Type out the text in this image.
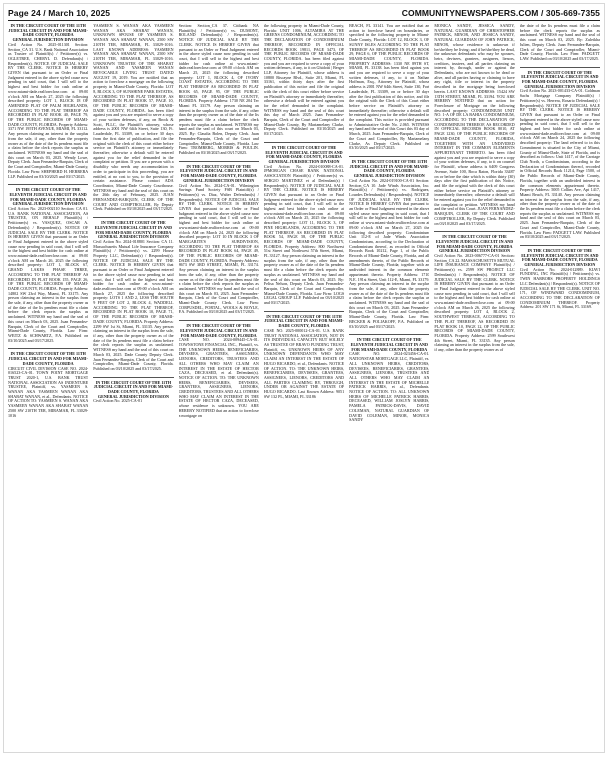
Page 24 / March 10, 2025	COMMUNITYNEWSPAPERS.COM / 305-669-7355
IN THE CIRCUIT COURT OF THE 11TH JUDICIAL CIRCUIT IN AND FOR MIAMI-DADE COUNTY, FLORIDA
GENERAL JURISDICTION DIVISION

Civil Action No. 2025-011301 Section: Section_CA 31. U.S. Bank National Association as Trustee of Plaintiff(s) / Petitioner(s) vs. OGLETREE, CHERYL D. Defendant(s) / Respondent(s). NOTICE OF JUDICIAL SALE BY THE CLERK. NOTICE IS HEREBY GIVEN that pursuant to an Order or Final Judgment entered in the above styled cause now pending in said court, that I will sell to the highest and best bidder for cash online at www.miami-dade.realforeclose.com at 09:00 o'clock AM on March 27, 2025 the following described property: LOT 1, BLOCK 18 OF AMENDED PLAT OF PALM HIGHLANDS, ACCORDING TO THE PLAT THEREOF AS RECORDED IN PLAT BOOK 40, PAGE 79, OF THE PUBLIC RECORDS OF MIAMI-DADE COUNTY, FLORIDA. Property Address: 3371 NW 195TH AVENUE, MIAMI, FL 33112. Any person claiming an interest in the surplus from the sale, if any, other than the property owner as of the date of the lis pendens must file a claim before the clerk reports the surplus as unclaimed. WITNESS my hand and the seal of this court on March 03, 2025. Wendy Lowe, Deputy Clerk. Juan Fernandez-Barquin, Clerk of the Court and Comptroller, Miami-Dade County, Florida. Law Firm: SHEPHERD H. HERRERA LLP. Published on 03/10/2025 and 03/17/2025.

IN THE CIRCUIT COURT OF THE ELEVENTH JUDICIAL CIRCUIT IN AND FOR MIAMI-DADE COUNTY, FLORIDA
GENERAL JURISDICTION DIVISION

Civil Action No. 2023-002110 Section: CA 01. U.S. BANK NATIONAL ASSOCIATION, AS TRUSTEE, ON BEHALF Plaintiff(s) / Petitioner(s) vs. VASQUEZ, OSCAR A. Defendant(s) / Respondent(s). NOTICE OF JUDICIAL SALE BY THE CLERK. NOTICE IS HEREBY GIVEN that pursuant to an Order or Final Judgment entered in the above styled cause now pending in said court, that I will sell to the highest and best bidder for cash online at www.miami-dade.realforeclose.com at 09:00 o'clock AM on March 26, 2025 the following described property: LOT 1, BLOCK 67, GRAND LAKES PHASE THREE, ACCORDING TO THE PLAT THEREOF AS RECORDED IN PLAT BOOK 155, PAGE 26, OF THE PUBLIC RECORDS OF MIAMI-DADE COUNTY, FLORIDA. Property Address: 14802 SW 23rd Way, Miami, FL 33175. Any person claiming an interest in the surplus from the sale, if any, other than the property owner as of the date of the lis pendens must file a claim before the clerk reports the surplus as unclaimed. WITNESS my hand and the seal of this court on March 03, 2025. Juan Fernandez-Barquin, Clerk of the Court and Comptroller, Miami-Dade County, Florida. Law Firm: WEITZ & SCHWARTZ, P.A. Published on 03/10/2025 and 03/17/2025.

IN THE CIRCUIT COURT OF THE 11TH JUDICIAL CIRCUIT IN AND FOR MIAMI-DADE COUNTY, FLORIDA

CIRCUIT CIVIL DIVISION CASE NO. 2024-016523-CA-01. TOWN POINT MORTGAGE TRUST 2020-1, U.S. BANK TRUST NATIONAL ASSOCIATION AS INDENTURE TRUSTEE, Plaintiff, vs. YASMEEN S. WANAN AKA YASMEEN WANAN AKA SHABAT WANAN, et al., Defendants. NOTICE OF ACTION TO: YASMEEN S. WANAN AKA YASMEEN WANAN AKA SHABAT WANAN 2500 SW 210TH TER, MIRAMAR, FL 33029-1016

YASMEEN S. WANAN AKA YASMEEN WANAN AKA SHABAT WANAN, UNKNOWN SPOUSE OF YASMEEN S. WANAN AKA SHABAT WANAN, 2500 SW 210TH TER, MIRAMAR, FL 33029-1016. LAST KNOWN ADDRESS: YASMEEN WANAN AKA SHABAT WANAN, 2500 SW 210TH TER, MIRAMAR, FL 33029-1016. UNKNOWN TRUSTEE OF THE SHABAT WANAN AND YASMEEN WANAN REVOCABLE LIVING TRUST DATED AUGUST 19, 2019. You are notified that an action to foreclose a mortgage on the following property in Miami-Dade County, Florida: LOT 8, BLOCK 3, OF SUNSHINE PARK ESTATES, ACCORDING TO THE PLAT THEREOF, AS RECORDED IN PLAT BOOK 57, PAGE 10, OF THE PUBLIC RECORDS OF MIAMI-DADE COUNTY, FLORIDA. has been filed against you and you are required to serve a copy of your written defenses, if any, on Brock & Scott, PLLC, the Plaintiff's attorney, whose address is 2001 NW 64th Street, Suite 130, Ft. Lauderdale, FL 33309, on or before 30 days from the first date of publication, and file the original with the clerk of this court either before service on Plaintiff's attorney or immediately thereafter; otherwise a default will be entered against you for the relief demanded in the complaint or petition. If you are a person with a disability who needs any accommodation in order to participate in this proceeding, you are entitled, at no cost to you, to the provision of certain assistance. Please contact ADA Coordinator, Miami-Dade County Courthouse. WITNESS my hand and the seal of this court on the 26th day of February, 2025. JUAN FERNANDEZ-BARQUIN, CLERK OF THE COURT AND COMPTROLLER, By Deputy Clerk. Published on 03/10/2025 and 03/17/2025.

IN THE CIRCUIT COURT OF THE ELEVENTH JUDICIAL CIRCUIT IN AND FOR MIAMI-DADE COUNTY, FLORIDA
GENERAL JURISDICTION DIVISION

Civil Action No. 2024-018801 Section: CA 11. Massachusetts Mutual Life Insurance Company Plaintiff(s) / Petitioner(s) vs. 2299 House Property LLC, Defendant(s) / Respondent(s). NOTICE OF JUDICIAL SALE BY THE CLERK. NOTICE IS HEREBY GIVEN that pursuant to an Order or Final Judgment entered in the above styled cause now pending in said court, that I will sell to the highest and best bidder for cash online at www.miami-dade.realforeclose.com at 09:00 o'clock AM on March 27, 2025 the following described property: LOTS 1 AND 2, LESS THE SOUTH 9 FEET OF LOT 2, BLOCK 4, WADDELL ACCORDING TO THE PLAT THEREOF, RECORDED IN PLAT BOOK 10, PAGE 71, OF THE PUBLIC RECORDS OF MIAMI-DADE COUNTY, FLORIDA. Property Address: 2299 SW 1st St, Miami, FL 33135. Any person claiming an interest in the surplus from the sale, if any, other than the property owner as of the date of the lis pendens must file a claim before the clerk reports the surplus as unclaimed. WITNESS my hand and the seal of this court on March 03, 2025. Dade County Deputy Clerk. Juan Fernandez-Barquin, Clerk of the Court and Comptroller, Miami-Dade County, Florida. Published on 03/10/2025 and 03/17/2025.

IN THE CIRCUIT COURT OF THE 11TH JUDICIAL CIRCUIT IN AND FOR MIAMI-DADE COUNTY, FLORIDA
GENERAL JURISDICTION DIVISION

Civil Action No. 2025-CA-01

Section: Section_CA 37. Citibank NA Plaintiff(s) / Petitioner(s) vs. DUMONT, ROLAND Defendant(s) / Respondent(s). NOTICE OF JUDICIAL SALE BY THE CLERK. NOTICE IS HEREBY GIVEN that pursuant to an Order or Final Judgment entered in the above styled cause now pending in said court, that I will sell to the highest and best bidder for cash online at www.miami-dade.realforeclose.com at 09:00 o'clock AM on March 25, 2025 the following described property: LOT 1, BLOCK 4, OF IVORY COAST ESTATES, ACCORDING TO THE PLAT THEREOF AS RECORDED IN PLAT BOOK 65, PAGE 95, OF THE PUBLIC RECORDS OF MIAMI-DADE COUNTY, FLORIDA. Property Address: 1730 NE 204 Ter Miami FL 33179. Any person claiming an interest in the surplus from the sale, if any, other than the property owner as of the date of the lis pendens must file a claim before the clerk reports the surplus as unclaimed. WITNESS my hand and the seal of this court on March 03, 2025. By: Claudia Bolen, Deputy Clerk. Juan Fernandez-Barquin, Clerk of the Court and Comptroller, Miami-Dade County, Florida. Law Firm: TROMBERG, MORRIS & POULIN. Published on 03/10/2025 and 03/17/2025.

IN THE CIRCUIT COURT OF THE ELEVENTH JUDICIAL CIRCUIT IN AND FOR MIAMI-DADE COUNTY, FLORIDA
GENERAL JURISDICTION DIVISION

Civil Action No. 2024-CA-01. Wilmington Savings Fund Society FSB Plaintiff(s) / Petitioner(s) vs. Diaz, Walter Defendant(s) / Respondent(s). NOTICE OF JUDICIAL SALE BY THE CLERK. NOTICE IS HEREBY GIVEN that pursuant to an Order or Final Judgment entered in the above styled cause now pending in said court, that I will sell to the highest and best bidder for cash online at www.miami-dade.realforeclose.com at 09:00 o'clock AM on March 24, 2025 the following described property: LOT 10 IN BLOCK 3 OF MARGARITE'S SUBDIVISION, ACCORDING TO THE PLAT THEREOF AS RECORDED IN PLAT BOOK 64, PAGE 49, OF THE PUBLIC RECORDS OF MIAMI-DADE COUNTY, FLORIDA. Property Address: 8673 SW 3RD STREET, MIAMI, FL 33174. Any person claiming an interest in the surplus from the sale, if any, other than the property owner as of the date of the lis pendens must file a claim before the clerk reports the surplus as unclaimed. WITNESS my hand and the seal of this court on March 03, 2025. Juan Fernandez-Barquin, Clerk of the Court and Comptroller, Miami-Dade County Clerk. Law Firm: CORPUSDEL, PORTAL, WOOLS & BOYLE, P.A. Published on 03/10/2025 and 03/17/2025.

IN THE CIRCUIT COURT OF THE ELEVENTH JUDICIAL CIRCUIT IN AND FOR MIAMI-DADE COUNTY, FLORIDA

CASE NO. 2024-009445-CA-01. TOWNSTONE FINANCIAL INC., Plaintiff, vs. THE UNKNOWN HEIRS, BENEFICIARIES, DEVISEES, GRANTEES, ASSIGNEES, LIENORS, CREDITORS, TRUSTEES AND ALL OTHERS WHO MAY CLAIM AN INTEREST IN THE ESTATE OF HECTOR CAZA, DECEASED, et al. Defendant(s). NOTICE OF ACTION. TO: THE UNKNOWN HEIRS, BENEFICIARIES, DEVISEES, GRANTEES, ASSIGNEES, LIENORS, CREDITORS, TRUSTEES AND ALL OTHERS WHO MAY CLAIM AN INTEREST IN THE ESTATE OF HECTOR CAZA, DECEASED, whose residence is unknown. YOU ARE HEREBY NOTIFIED that an action to foreclose a mortgage on

the following property in Miami-Dade County, Florida: UNIT 1006, ALTAMIRA AT THE GREENS CONDOMINIUM, ACCORDING TO THE DECLARATION OF CONDOMINIUM THEREOF, RECORDED IN OFFICIAL RECORDS BOOK 19811, PAGE 3473, OF THE PUBLIC RECORDS OF MIAMI-DADE COUNTY, FLORIDA. has been filed against you and you are required to serve a copy of your written defenses, if any, to it on Ghidotti | Berger LLP, Attorney for Plaintiff, whose address is 10800 Biscayne Blvd., Suite 201, Miami, FL 33161, within thirty days after the first publication of this notice and file the original with the clerk of this court either before service on Plaintiff's attorney or immediately thereafter; otherwise a default will be entered against you for the relief demanded in the complaint. WITNESS my hand and the seal of this court this day of March 2025. Juan Fernandez-Barquin, Clerk of the Court and Comptroller of Miami-Dade County, By Mariamelany Clarke, Deputy Clerk. Published on 03/10/2025 and 03/17/2025.

IN THE CIRCUIT COURT OF THE ELEVENTH JUDICIAL CIRCUIT IN AND FOR MIAMI-DADE COUNTY, FLORIDA
GENERAL JURISDICTION DIVISION

Civil Action No. 2024-010088-CA-01. JPMORGAN CHASE BANK NATIONAL ASSOCIATION Plaintiff(s) / Petitioner(s) vs. SERGIO MARTINEZ et al Defendant(s) / Respondent(s). NOTICE OF JUDICIAL SALE BY THE CLERK. NOTICE IS HEREBY GIVEN that pursuant to an Order or Final Judgment entered in the above styled cause now pending in said court, that I will sell to the highest and best bidder for cash online at www.miami-dade.realforeclose.com at 09:00 o'clock AM on March 25, 2025 the following described property: LOT 11, BLOCK 3, OF PINE HIGHLANDS, ACCORDING TO THE PLAT THEREOF, AS RECORDED IN PLAT BOOK 54, PAGE 58, OF THE PUBLIC RECORDS OF MIAMI-DADE COUNTY, FLORIDA. Property Address: 800 Northwest 51st Street and Northwest 57th Street, Miami, FL 33127. Any person claiming an interest in the surplus from the sale, if any, other than the property owner as of the date of the lis pendens must file a claim before the clerk reports the surplus as unclaimed. WITNESS my hand and the seal of this court on March 03, 2025. By: Felisa Nelson, Deputy Clerk. Juan Fernandez-Barquin, Clerk of the Court and Comptroller, Miami-Dade County, Florida. Law Firm: LOGS LEGAL GROUP LLP. Published on 03/10/2025 and 03/17/2025.

IN THE CIRCUIT COURT OF THE 11TH JUDICIAL CIRCUIT IN AND FOR MIAMI-DADE COUNTY, FLORIDA

CASE NO. 2025-000012-CA-01. U.S. BANK TRUST NATIONAL ASSOCIATION, NOT IN ITS INDIVIDUAL CAPACITY BUT SOLELY AS TRUSTEE OF BRAVO FUNDING TRUST, Plaintiff, vs. UNKNOWN HEIRS OF ANY UNKNOWN DEFENDANTS WHO MAY CLAIM AN INTEREST IN THE ESTATE OF HUGO RICARDO, et al., Defendants. NOTICE OF ACTION. TO: THE UNKNOWN HEIRS, BENEFICIARIES, DEVISEES, GRANTEES, ASSIGNEES, LIENORS, CREDITORS AND ALL PARTIES CLAIMING BY, THROUGH, UNDER OR AGAINST THE ESTATE OF HUGO RICARDO. Last Known Address: 9051 SW 132 PL, MIAMI, FL 33186

BEACH, FL 33141. You are notified that an action to foreclose based on boundaries, as specified in the following property in Miami-Dade County, Florida: LOT 12, BLOCK 3, OF SUNNY ISLES ACCORDING TO THE PLAT THEREOF AS RECORDED IN PLAT BOOK 29, PAGE 6, OF THE PUBLIC RECORDS OF MIAMI-DADE COUNTY, FLORIDA. PROPERTY ADDRESS: 1330 NE 89TH ST, MIAMI, FL 33138. has been filed against you and you are required to serve a copy of your written defenses, if any, to it on Nathan Hoffman, Esq., Attorney for Plaintiff, whose address is 2001 NW 64th Street, Suite 130, Fort Lauderdale, FL 33309, on or before 30 days after the first publication of this notice, and file the original with the Clerk of this Court either before service on Plaintiff's attorney or immediately thereafter; otherwise a default will be entered against you for the relief demanded in the complaint. This notice is provided pursuant to Administrative Order No. 2.065. WITNESS my hand and the seal of this Court this 03 day of March, 2025. Juan Fernandez-Barquin, Clerk of the Court and Comptroller, By Mariamelany Clarke, As Deputy Clerk. Published on 03/10/2025 and 03/17/2025.

IN THE CIRCUIT COURT OF THE 11TH JUDICIAL CIRCUIT IN AND FOR MIAMI-DADE COUNTY, FLORIDA
GENERAL JURISDICTION DIVISION

Civil Action No. 2024-019100-CA-01 Section: Section_CA 10. Jade Winds Association, Inc. Plaintiff(s) / Petitioner(s) vs. Rodriguez, Lourdes Defendant(s) / Respondent(s). NOTICE OF JUDICIAL SALE BY THE CLERK. NOTICE IS HEREBY GIVEN that pursuant to an Order or Final Judgment entered in the above styled cause now pending in said court, that I will sell to the highest and best bidder for cash online at www.miami-dade.realforeclose.com at 09:00 o'clock AM on March 27, 2025 the following described property: Condominium Unit 112-E of Jade Winds Association Condominium, according to the Declaration of Condominium thereof, as recorded in Official Records Book 10212, Page 1, of the Public Records of Miami-Dade County, Florida, and all amendments thereto, of the Public Records of Miami-Dade County, Florida; together with an undivided interest in the common elements appurtenant thereto. Property Address: 1710 N.E. 191st Street, Unit 112-E, Miami, FL 33179. Any person claiming an interest in the surplus from the sale, if any, other than the property owner as of the date of the lis pendens must file a claim before the clerk reports the surplus as unclaimed. WITNESS my hand and the seal of this court on March 03, 2025. Juan Fernandez-Barquin, Clerk of the Court and Comptroller, Miami-Dade County, Florida. Law Firm: BECKER & POLIAKOFF, P.A. Published on 03/10/2025 and 03/17/2025.

IN THE CIRCUIT COURT OF THE ELEVENTH JUDICIAL CIRCUIT IN AND FOR MIAMI-DADE COUNTY, FLORIDA

CASE NO. 2024-023456-CA-01. NATIONSTAR MORTGAGE LLC, Plaintiff, vs. ALL UNKNOWN HEIRS, CREDITORS, DEVISEES, BENEFICIARIES, GRANTEES, ASSIGNEES, LIENORS, TRUSTEES AND ALL OTHERS WHO MAY CLAIM AN INTEREST IN THE ESTATE OF MICHELLE PATRICK HARRIS, et al., Defendants. NOTICE OF ACTION. TO: ALL UNKNOWN HEIRS OF MICHELLE PATRICK HARRIS, DECEASED, WILLIAM JOSLYN HARRIS, PAMELA PATRICK-DAVIS, DAVID COLEMAN, NATURAL GUARDIAN OF DAVID COLEMAN, MINOR, MONICA SANDY

MONICA SANDY, JESSICA SANDY, NATURAL GUARDIAN OF CHRISTOPHER PATRICK, MINOR, AND JESSICA SANDY, NATURAL GUARDIAN OF JOHN PATRICK, MINOR, whose residence is unknown if he/she/they be living; and if he/she/they be dead, the unknown defendants who may be spouses, heirs, devisees, grantees, assignees, lienors, creditors, trustees, and all parties claiming an interest by, through, under or against the Defendants, who are not known to be dead or alive, and all parties having or claiming to have any right, title or interest in the property described in the mortgage being foreclosed herein. LAST KNOWN ADDRESS: 15424 SW 13TH STREET, MIAMI, FL 33194. YOU ARE HEREBY NOTIFIED that an action for Foreclosure of Mortgage on the following described property: CONDOMINIUM UNIT NO. 1-A OF DE LA BAHIA CONDOMINIUM, ACCORDING TO THE DECLARATION OF CONDOMINIUM THEREOF, AS RECORDED IN OFFICIAL RECORDS BOOK 8010, AT PAGE 1230, OF THE PUBLIC RECORDS OF MIAMI-DADE COUNTY, FLORIDA, TOGETHER WITH AN UNDIVIDED INTEREST IN THE COMMON ELEMENTS APPURTENANT THERETO. has been filed against you and you are required to serve a copy of your written defenses, if any, to it on counsel for Plaintiff, whose address is 6409 Congress Avenue, Suite 100, Boca Raton, Florida 33487 on or before the date which is within thirty (30) days after the first publication of this Notice, and file the original with the clerk of this court either before service on Plaintiff's attorney or immediately thereafter; otherwise a default will be entered against you for the relief demanded in the complaint or petition. WITNESS my hand and the seal of this Court. JUAN FERNANDEZ-BARQUIN, CLERK OF THE COURT AND COMPTROLLER, By Deputy Clerk. Published on 03/10/2025 and 03/17/2025.

IN THE CIRCUIT COURT OF THE ELEVENTH JUDICIAL CIRCUIT IN AND FOR MIAMI-DADE COUNTY, FLORIDA
GENERAL JURISDICTION DIVISION

Civil Action No. 2023-006777-CA-01 Section: Section_CA 22. MASSACHUSETTS MUTUAL LIFE INSURANCE COMPANY Plaintiff(s) / Petitioner(s) vs. 2599 SW PROJECT LLC Defendant(s) / Respondent(s). NOTICE OF JUDICIAL SALE BY THE CLERK. NOTICE IS HEREBY GIVEN that pursuant to an Order or Final Judgment entered in the above styled cause now pending in said court, that I will sell to the highest and best bidder for cash online at www.miami-dade.realforeclose.com at 09:00 o'clock AM on March 26, 2025 the following described property: LOT 4, BLOCK 2, SOUTHWEST TERRACE, ACCORDING TO THE PLAT THEREOF, AS RECORDED IN PLAT BOOK 10, PAGE 12, OF THE PUBLIC RECORDS OF MIAMI-DADE COUNTY, FLORIDA. Property Address: 2599 Southwest 4th Street, Miami, FL 33135. Any person claiming an interest in the surplus from the sale, if any, other than the property owner as of

the date of the lis pendens must file a claim before the clerk reports the surplus as unclaimed. WITNESS my hand and the seal of this court on March 03, 2025. By: Zuleikha Julien, Deputy Clerk. Juan Fernandez-Barquin, Clerk of the Court and Comptroller, Miami-Dade County, Florida. Law Firm: PADGETT LAW. Published on 03/10/2025 and 03/17/2025.

IN THE CIRCUIT COURT OF THE ELEVENTH JUDICIAL CIRCUIT IN AND FOR MIAMI-DADE COUNTY, FLORIDA
GENERAL JURISDICTION DIVISION

Civil Action No. 2023-001433-CA-01. Goldman Sachs Mortgage Company Plaintiff(s) / Petitioner(s) vs. Herrera, Rosario Defendant(s) / Respondent(s). NOTICE OF JUDICIAL SALE BY THE CLERK. NOTICE IS HEREBY GIVEN that pursuant to an Order or Final Judgment entered in the above styled cause now pending in said court, that I will sell to the highest and best bidder for cash online at www.miami-dade.realforeclose.com at 09:00 o'clock AM on March 24, 2025 the following described property: The land referred to in this Commitment is situated in the City of Miami, County of Miami-Dade, State of Florida, and is described as follows: Unit 1417, of the Carriage Club North, a Condominium, according to the Declaration of Condominium thereof, recorded in Official Records Book 11214, Page 1500, of the Public Records of Miami-Dade County, Florida, together with an undivided interest in the common elements appurtenant thereto. Property Address: 5005 Collins Ave, Apt 1417, Miami Beach, FL 33140. Any person claiming an interest in the surplus from the sale, if any, other than the property owner as of the date of the lis pendens must file a claim before the clerk reports the surplus as unclaimed. WITNESS my hand and the seal of this court on March 03, 2025. Juan Fernandez-Barquin, Clerk of the Court and Comptroller, Miami-Dade County, Florida. Law Firm: PADGETT LAW. Published on 03/10/2025 and 03/17/2025.

IN THE CIRCUIT COURT OF THE ELEVENTH JUDICIAL CIRCUIT IN AND FOR MIAMI-DADE COUNTY, FLORIDA
GENERAL JURISDICTION DIVISION

Civil Action No. 2024-012889. KIAVI FUNDING, INC Plaintiff(s) / Petitioner(s) vs. TWIN HARBORS PROPERTY HOLDINGS LLC Defendant(s) / Respondent(s). NOTICE OF JUDICIAL SALE BY THE CLERK. UNIT NO. 171, OF WINDWARD CONDOMINIUM, ACCORDING TO THE DECLARATION OF CONDOMINIUM THEREOF. Property Address: 201 SW 171 St, Miami, FL 33169.
